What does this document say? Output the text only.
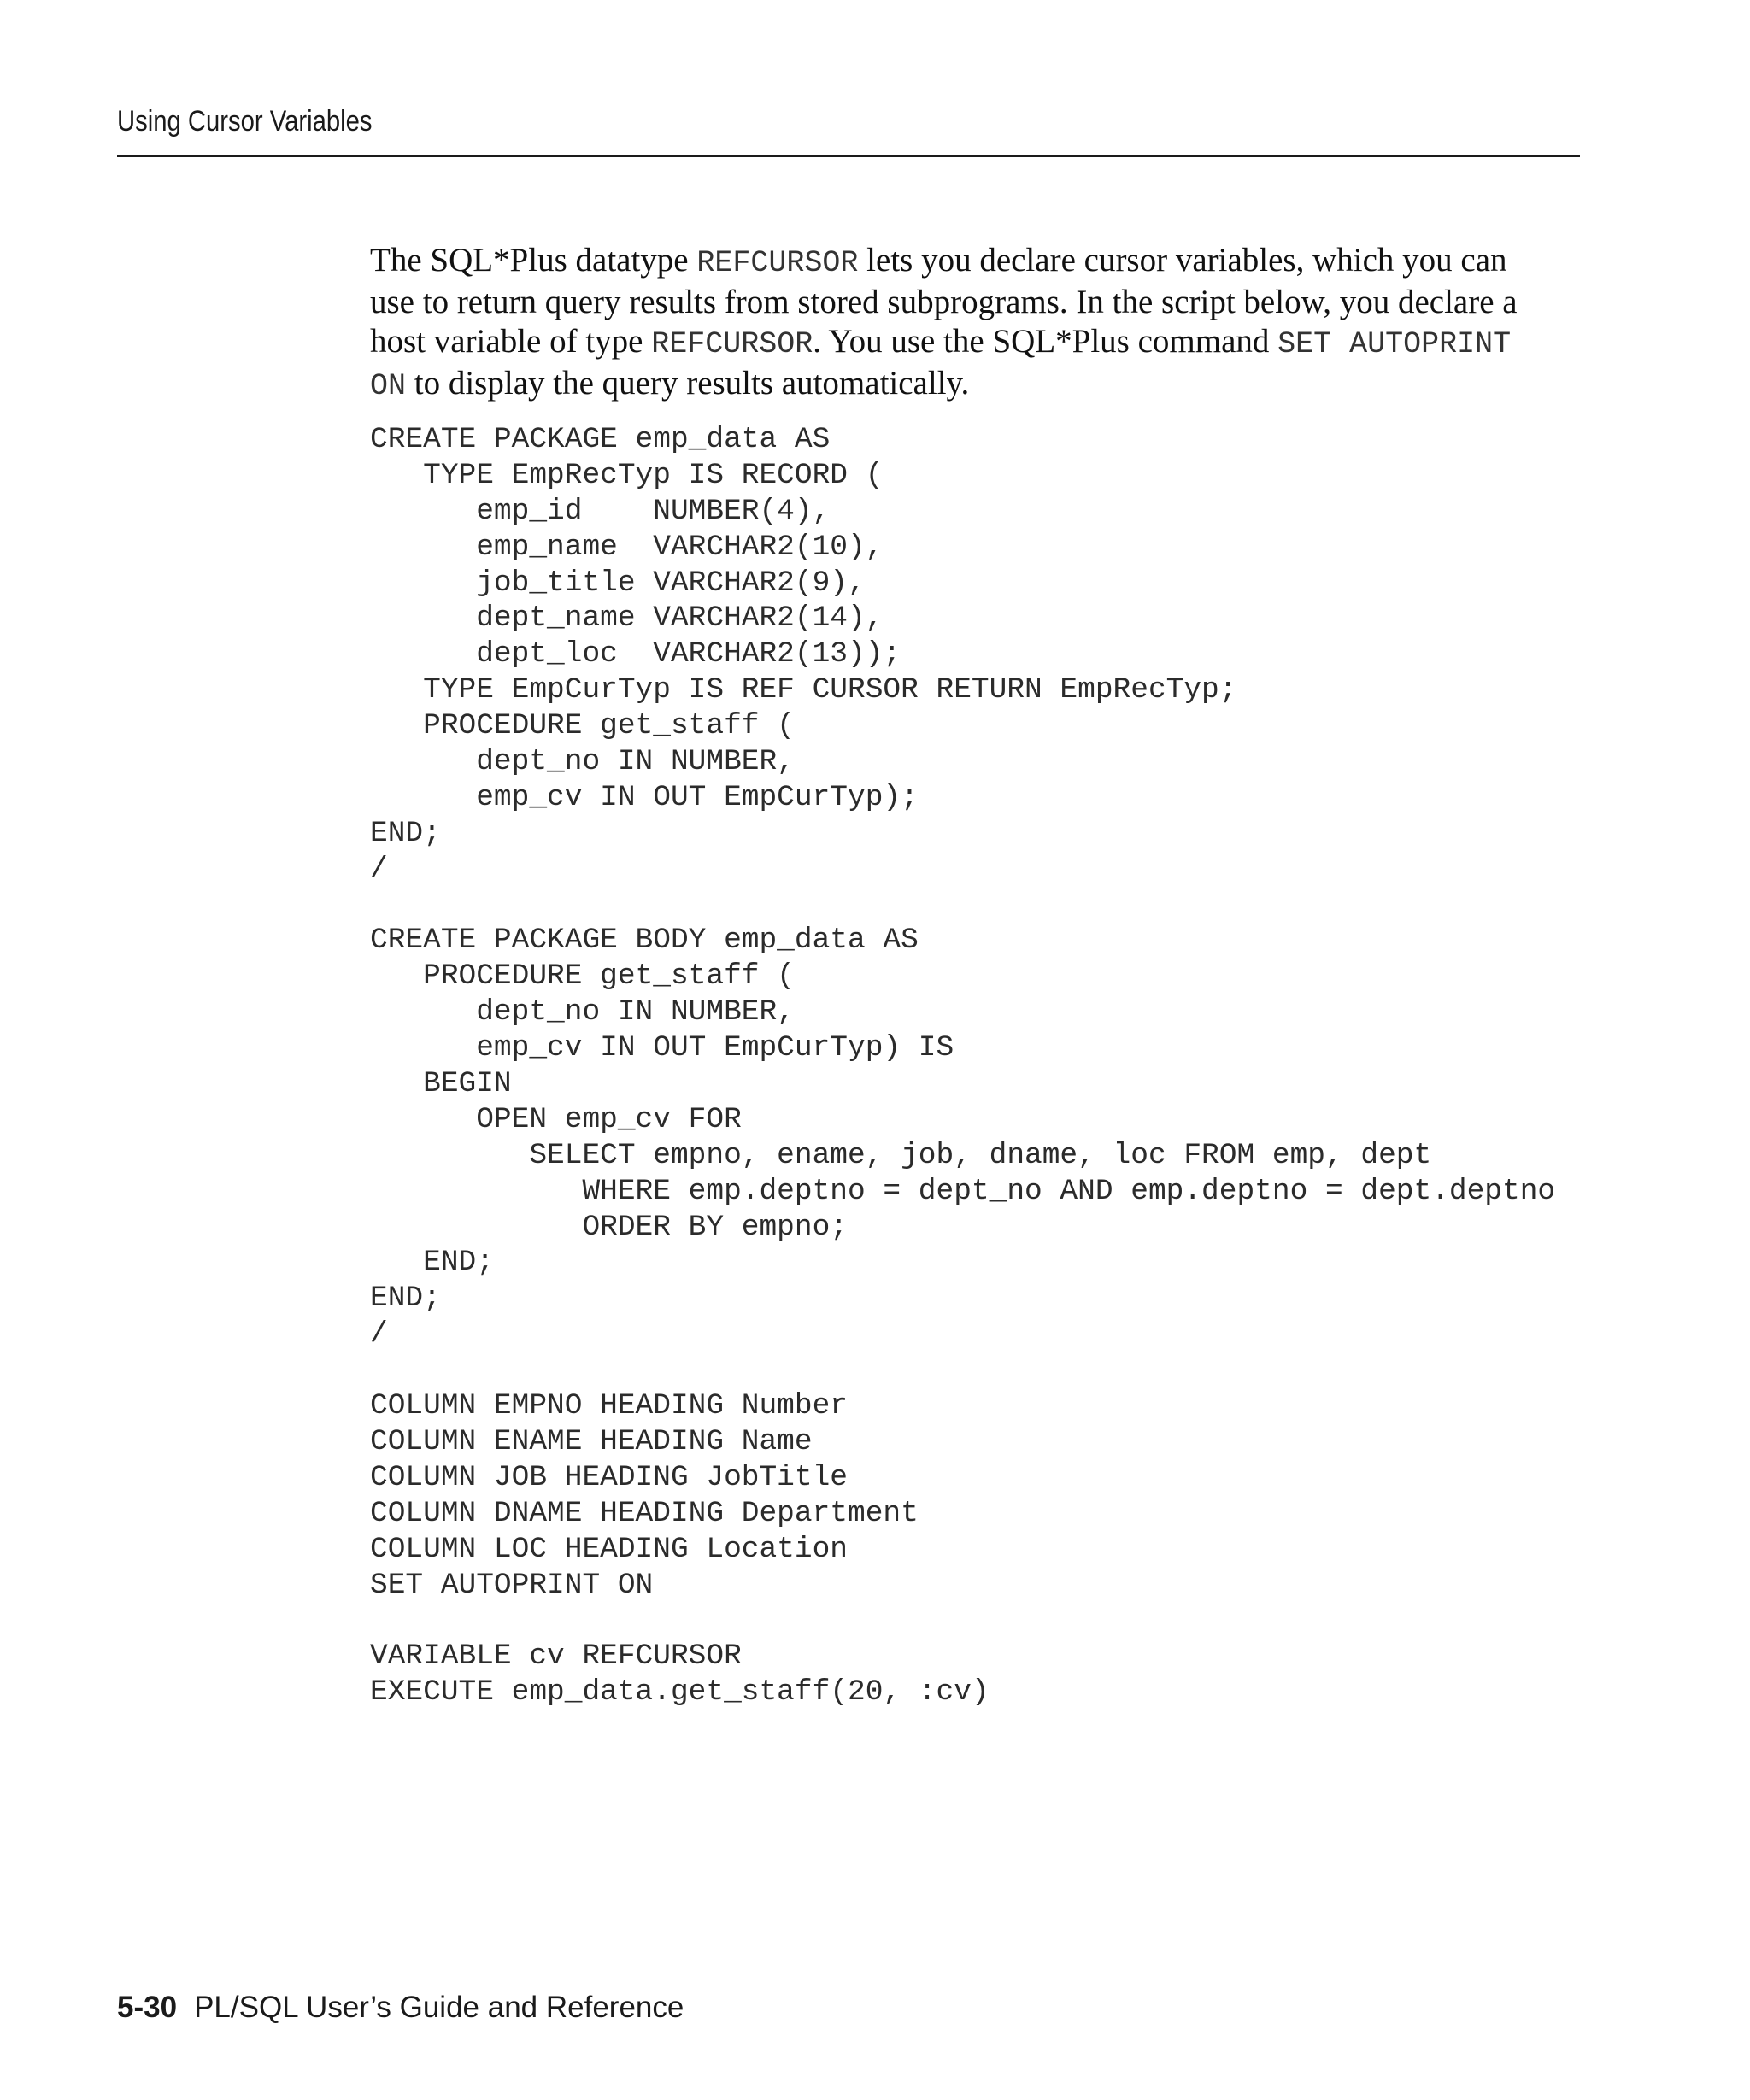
Using Cursor Variables

The SQL*Plus datatype REFCURSOR lets you declare cursor variables, which you can use to return query results from stored subprograms. In the script below, you declare a host variable of type REFCURSOR. You use the SQL*Plus command SET AUTOPRINT ON to display the query results automatically.

CREATE PACKAGE emp_data AS
TYPE EmpRecTyp IS RECORD (
emp_id    NUMBER(4),
emp_name  VARCHAR2(10),
job_title VARCHAR2(9),
dept_name VARCHAR2(14),
dept_loc  VARCHAR2(13));
TYPE EmpCurTyp IS REF CURSOR RETURN EmpRecTyp;
PROCEDURE get_staff (
dept_no IN NUMBER,
emp_cv IN OUT EmpCurTyp);
END;
/
CREATE PACKAGE BODY emp_data AS
PROCEDURE get_staff (
dept_no IN NUMBER,
emp_cv IN OUT EmpCurTyp) IS
BEGIN
OPEN emp_cv FOR
SELECT empno, ename, job, dname, loc FROM emp, dept
WHERE emp.deptno = dept_no AND emp.deptno = dept.deptno
ORDER BY empno;
END;
END;
/
COLUMN EMPNO HEADING Number
COLUMN ENAME HEADING Name
COLUMN JOB HEADING JobTitle
COLUMN DNAME HEADING Department
COLUMN LOC HEADING Location
SET AUTOPRINT ON
VARIABLE cv REFCURSOR
EXECUTE emp_data.get_staff(20, :cv)
5-30 PL/SQL User’s Guide and Reference
